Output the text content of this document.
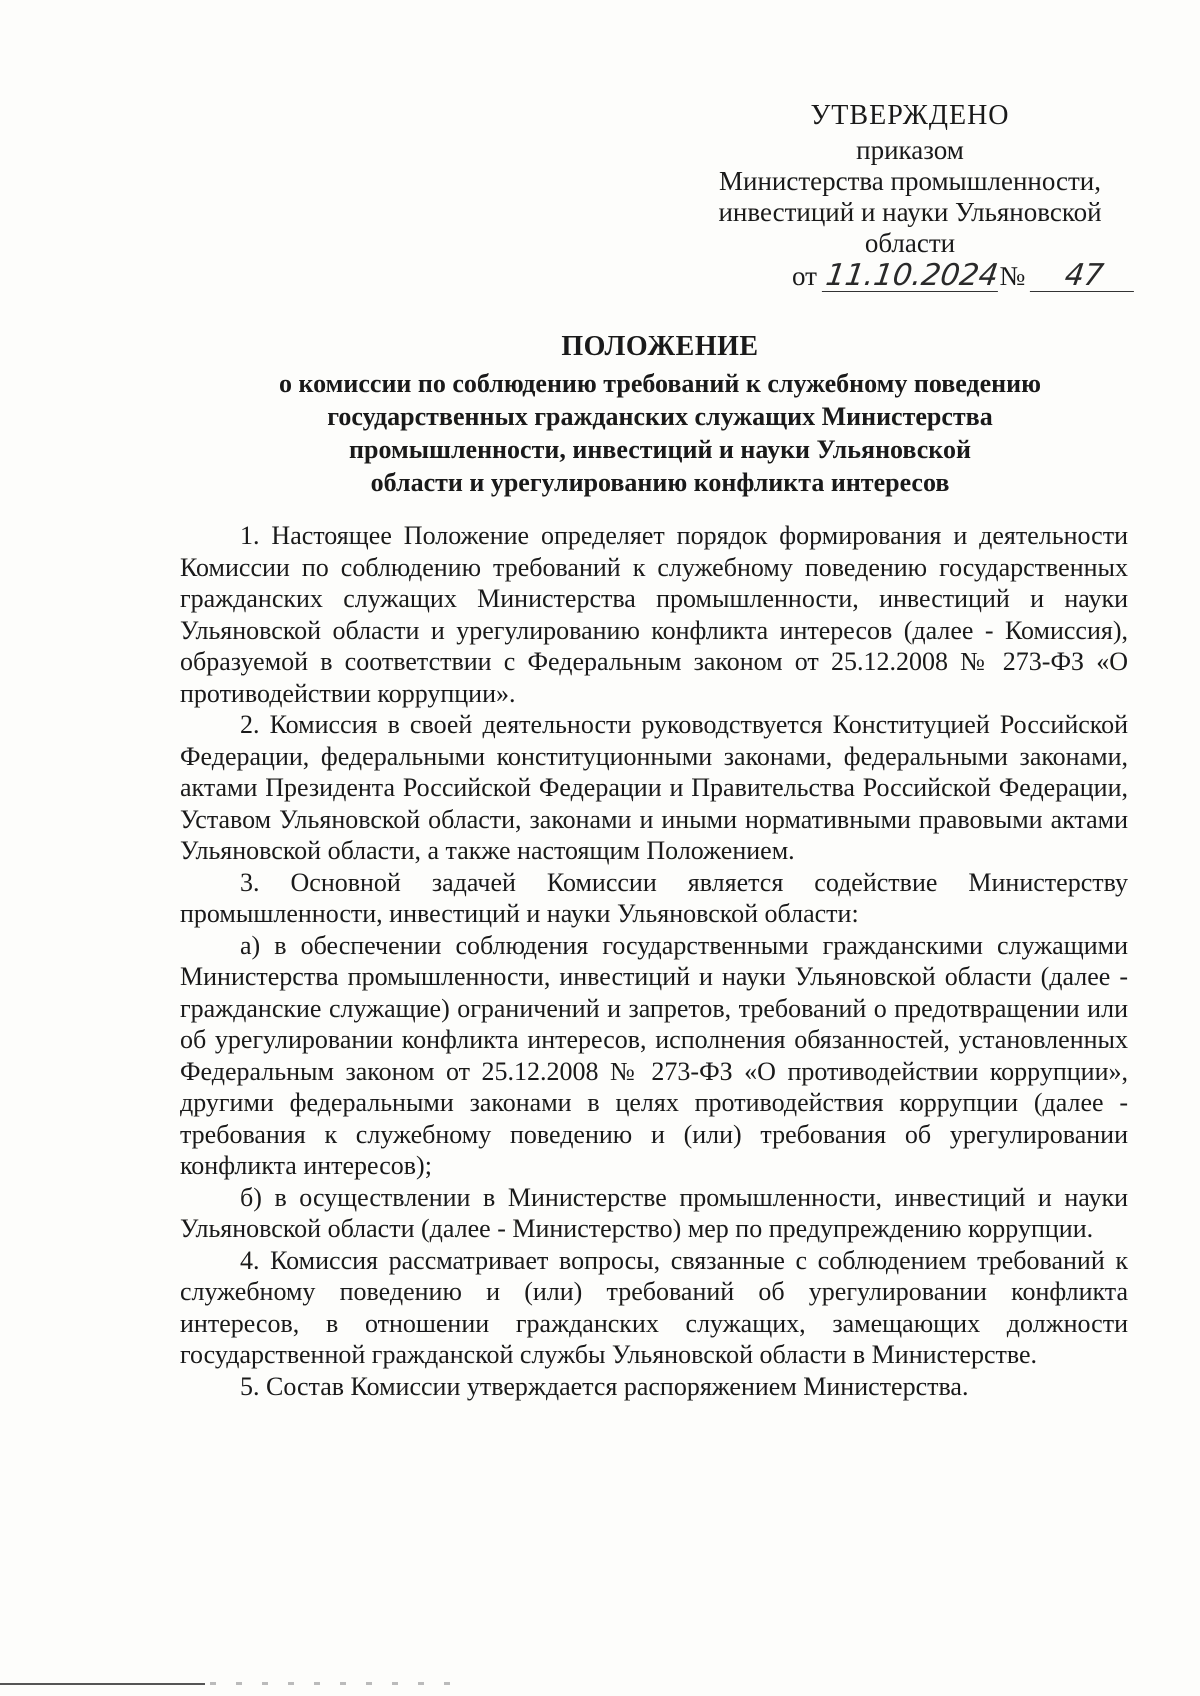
УТВЕРЖДЕНО
приказом
Министерства промышленности,
инвестиций и науки Ульяновской
области
от 11.10.2024№ 47
ПОЛОЖЕНИЕ
о комиссии по соблюдению требований к служебному поведению
государственных гражданских служащих Министерства
промышленности, инвестиций и науки Ульяновской
области и урегулированию конфликта интересов

1. Настоящее Положение определяет порядок формирования и деятельности Комиссии по соблюдению требований к служебному поведению государственных гражданских служащих Министерства промышленности, инвестиций и науки Ульяновской области и урегулированию конфликта интересов (далее - Комиссия), образуемой в соответствии с Федеральным законом от 25.12.2008 № 273-ФЗ «О противодействии коррупции».

2. Комиссия в своей деятельности руководствуется Конституцией Российской Федерации, федеральными конституционными законами, федеральными законами, актами Президента Российской Федерации и Правительства Российской Федерации, Уставом Ульяновской области, законами и иными нормативными правовыми актами Ульяновской области, а также настоящим Положением.

3. Основной задачей Комиссии является содействие Министерству промышленности, инвестиций и науки Ульяновской области:

а) в обеспечении соблюдения государственными гражданскими служащими Министерства промышленности, инвестиций и науки Ульяновской области (далее - гражданские служащие) ограничений и запретов, требований о предотвращении или об урегулировании конфликта интересов, исполнения обязанностей, установленных Федеральным законом от 25.12.2008 № 273-ФЗ «О противодействии коррупции», другими федеральными законами в целях противодействия коррупции (далее - требования к служебному поведению и (или) требования об урегулировании конфликта интересов);

б) в осуществлении в Министерстве промышленности, инвестиций и науки Ульяновской области (далее - Министерство) мер по предупреждению коррупции.

4. Комиссия рассматривает вопросы, связанные с соблюдением требований к служебному поведению и (или) требований об урегулировании конфликта интересов, в отношении гражданских служащих, замещающих должности государственной гражданской службы Ульяновской области в Министерстве.

5. Состав Комиссии утверждается распоряжением Министерства.
